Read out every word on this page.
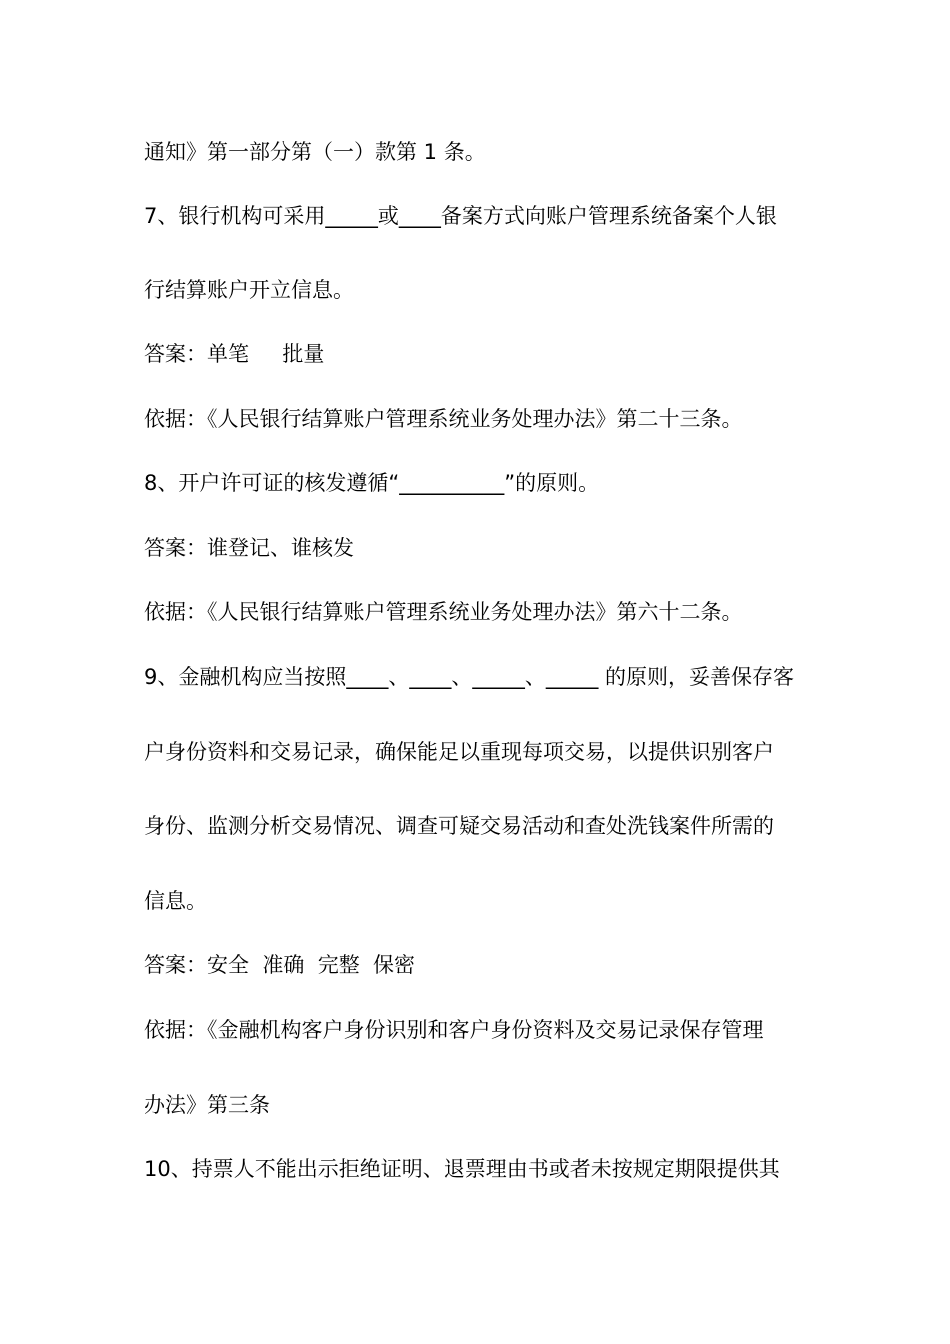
通知》第一部分第（一）款第 1 条。
7、银行机构可采用_____或____备案方式向账户管理系统备案个人银
行结算账户开立信息。
答案：单笔     批量
依据：《人民银行结算账户管理系统业务处理办法》第二十三条。
8、开户许可证的核发遵循“__________”的原则。
答案：谁登记、谁核发
依据：《人民银行结算账户管理系统业务处理办法》第六十二条。
9、金融机构应当按照____、____、_____、_____ 的原则，妥善保存客
户身份资料和交易记录，确保能足以重现每项交易，以提供识别客户
身份、监测分析交易情况、调查可疑交易活动和查处洗钱案件所需的
信息。
答案：安全  准确  完整  保密
依据：《金融机构客户身份识别和客户身份资料及交易记录保存管理
办法》第三条
10、持票人不能出示拒绝证明、退票理由书或者未按规定期限提供其
